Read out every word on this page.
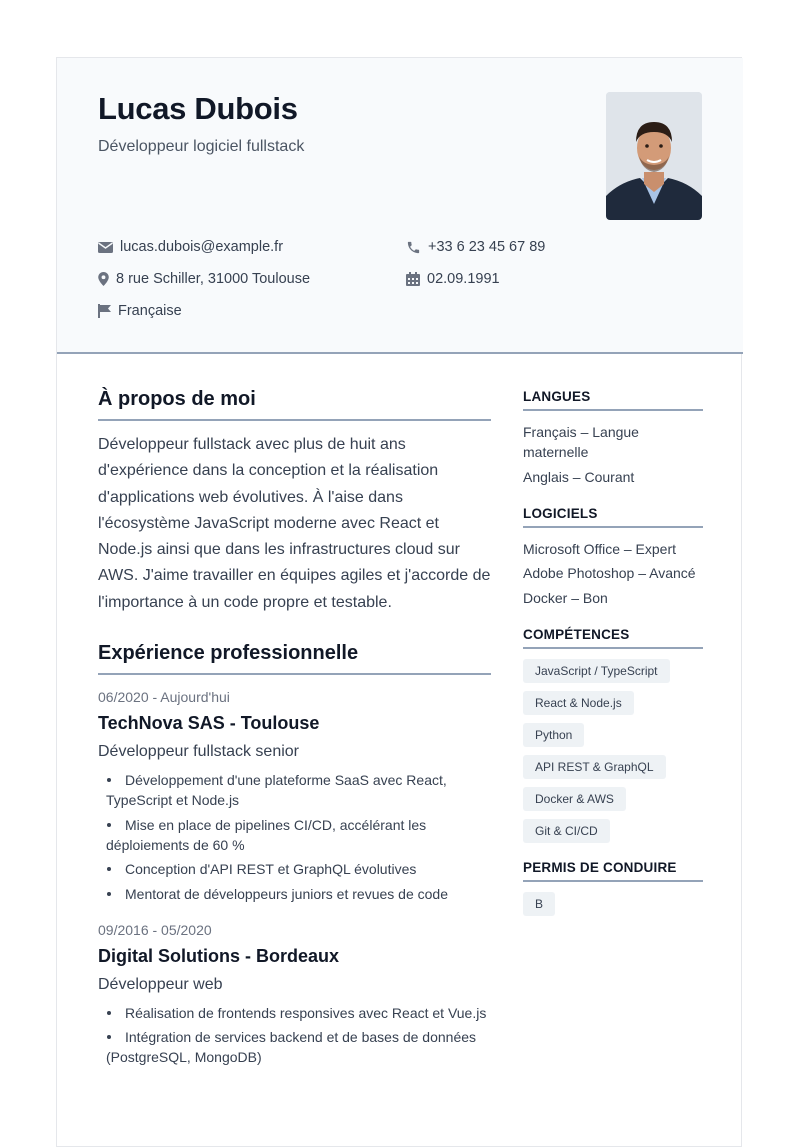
Lucas Dubois
Développeur logiciel fullstack
lucas.dubois@example.fr	+33 6 23 45 67 89
8 rue Schiller, 31000 Toulouse	02.09.1991
Française
À propos de moi
Développeur fullstack avec plus de huit ans d'expérience dans la conception et la réalisation d'applications web évolutives. À l'aise dans l'écosystème JavaScript moderne avec React et Node.js ainsi que dans les infrastructures cloud sur AWS. J'aime travailler en équipes agiles et j'accorde de l'importance à un code propre et testable.
Expérience professionnelle
06/2020 - Aujourd'hui
TechNova SAS - Toulouse
Développeur fullstack senior
Développement d'une plateforme SaaS avec React, TypeScript et Node.js
Mise en place de pipelines CI/CD, accélérant les déploiements de 60 %
Conception d'API REST et GraphQL évolutives
Mentorat de développeurs juniors et revues de code
09/2016 - 05/2020
Digital Solutions - Bordeaux
Développeur web
Réalisation de frontends responsives avec React et Vue.js
Intégration de services backend et de bases de données (PostgreSQL, MongoDB)
LANGUES
Français – Langue maternelle
Anglais – Courant
LOGICIELS
Microsoft Office – Expert
Adobe Photoshop – Avancé
Docker – Bon
COMPÉTENCES
JavaScript / TypeScript
React & Node.js
Python
API REST & GraphQL
Docker & AWS
Git & CI/CD
PERMIS DE CONDUIRE
B
